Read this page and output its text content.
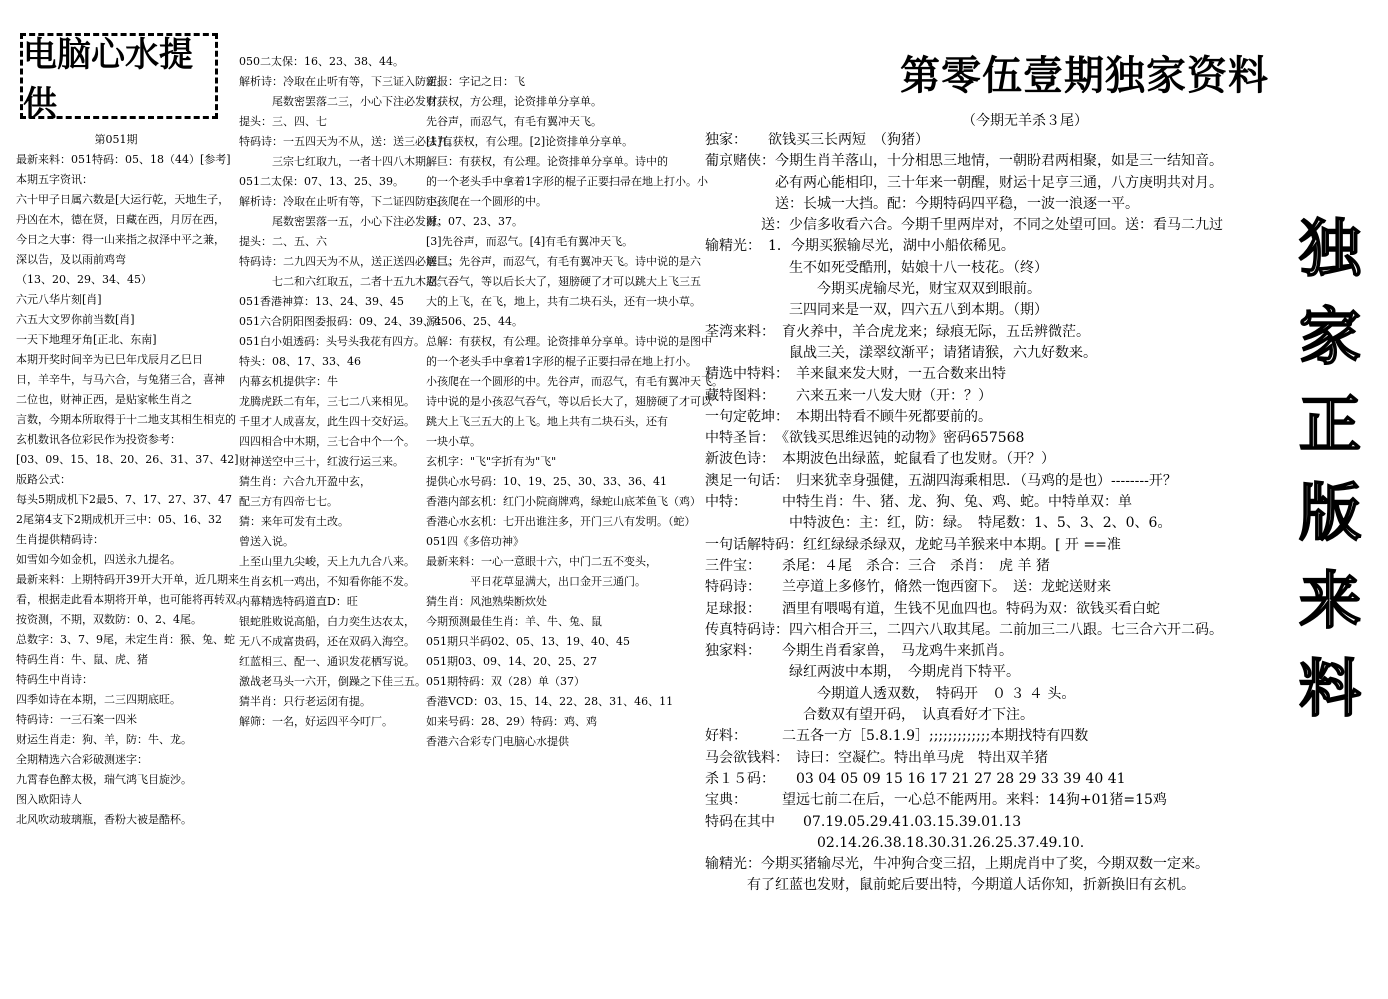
电脑心水提供
第051期
最新来料：051特码：05、18（44）[参考]
本期五字资讯：
六十甲子日属六数是[大运行乾，天地生子，
丹凶在木，德在贤，日藏在西，月厉在西，
今日之大事：得一山来指之叔泽中平之兼，
深以告，及以雨前鸡弯
（13、20、29、34、45）
六元八华片刻[肖]
六五大文罗你前当数[肖]
一天下地理牙角[正北、东南]
本期开奖时间辛为已巳年戊辰月乙巳日
日，羊辛牛，与马六合，与兔猪三合，喜神
二位也，财神正西，是贴家帐生肖之
言数，今期本所取得于十二地支其相生相克的
玄机数讯各位彩民作为投资参考：
[03、09、15、18、20、26、31、37、42]
版路公式：
每头5期成机下2最5、7、17、27、37、47
2尾第4支下2期成机开三中：05、16、32
生肖提供精码诗：
如雪如今如金机，四送永九提名。
最新来料：上期特码开39开大开单，近几期来
看，根据走此看本期将开单，也可能将再转双。
按资测，不期，双数防：0、2、4尾。
总数字：3、7、9尾，未定生肖：猴、兔、蛇
特码生肖：牛、鼠、虎、猪
特码生中肖诗：
四季如诗在本期，二三四期底旺。
特码诗：一三石案一四米
财运生肖走：狗、羊，防：牛、龙。
全期精选六合彩破测迷字：
九霄春色醉太极，瑞气鸿飞目旋沙。
图入欧阳诗人
北风吹动玻璃瓶，香粉大被是酷杯。
050二太保：16、23、38、44。
解析诗：冷取在止听有等，下三证入防定。
　　　尾数密罢落二三，小心下注必发财。
提头：三、四、七
特码诗：一五四天为不从，送：送三必法九。
　　　三宗七红取九，一者十四八木期。
051二太保：07、13、25、39。
解析诗：冷取在止听有等，下二证四防定。
　　　尾数密罢落一五，小心下注必发财。
提头：二、五、六
特码诗：二九四天为不从，送正送四必送二。
　　　七二和六红取五，二者十五九木期。
051香港神算：13、24、39、45
051六合阴阳图委报码：09、24、39、45
051白小姐透码：头号头我花有四方。
特头：08、17、33、46
内幕玄机提供字：牛
龙腾虎跃二有年，三七二八来相见。
千里才人成喜友，此生四十交好运。
四四相合中木期，三七合中个一个。
财神送空中三十，红波行运三来。
猜生肖：六合九开盈中玄，
配三方有四帝七七。
猜：来年可发有土改。
曾送入说。
上至山里九尖峻，天上九九合八来。
生肖玄机一鸡出，不知看你能不发。
内幕精选特码道直D：旺
银蛇胜败说高船，白力奕生达农太，
无八不成富贵码，还在双码入海空。
红蓝相三、配一、通识发花栖写说。
激战老马头一六开，倒躁之下佳三五。
猜半肖：只行老运闭有提。
解筛：一名，好运四平今叮厂。
新报：字记之日：飞
有获权，方公理，论资排单分享单。
先谷声，而忍气，有毛有翼冲天飞。
[1]有获权，有公理。[2]论资排单分享单。
解巨：有获权，有公理。论资排单分享单。诗中的
的一个老头手中拿着1字形的棍子正要扫帚在地上打小。小
小孩爬在一个圆形的中。
源：07、23、37。
[3]先谷声，而忍气。[4]有毛有翼冲天飞。
解巨：先谷声，而忍气，有毛有翼冲天飞。诗中说的是六
忍气吞气，等以后长大了，翅膀硬了才可以跳大上飞三五
大的上飞，在飞，地上，共有二块石头，还有一块小草。
源：06、25、44。
总解：有获权，有公理。论资排单分享单。诗中说的是图中
的一个老头手中拿着1字形的棍子正要扫帚在地上打小。
小孩爬在一个圆形的中。先谷声，而忍气，有毛有翼冲天飞。
诗中说的是小孩忍气吞气，等以后长大了，翅膀硬了才可以
跳大上飞三五大的上飞。地上共有二块石头，还有
一块小草。
玄机字："飞"字折有为"飞"
提供心水号码：10、19、25、30、33、36、41
香港内部玄机：红门小院商牌鸡，绿蛇山底苯鱼飞（鸡）
香港心水玄机：七开出谁注多，开门三八有发明。（蛇）
051四《多倍功神》
最新来料：一心一意眼十六，中门二五不变头，
　　　　平日花草显满大，出口金开三通门。
猜生肖：风池熟柴断炊处
今期预测最佳生肖：羊、牛、兔、鼠
051期只半码02、05、13、19、40、45
051期03、09、14、20、25、27
051期特码：双（28）单（37）
香港VCD：03、15、14、22、28、31、46、11
如来号码：28、29）特码：鸡、鸡
香港六合彩专门电脑心水提供
第零伍壹期独家资料
（今期无羊杀３尾）
独家：　　欲钱买三长两短　（狗猪）
葡京赌侠：今期生肖羊落山，十分相思三地情，一朝盼君两相聚，如是三一结知音。
　　　　　必有两心能相印，三十年来一朝醒，财运十足亨三通，八方庚明共对月。
　　　　　送：长城一大挡。配：今期特码四平稳，一波一浪逐一平。
　　　　送：少信多收看六合。今期千里两岸对，不同之处望可回。送：看马二九过
输精光：　1．今期买猴输尽光，湖中小船依稀见。
　　　　　　生不如死受酷刑，姑娘十八一枝花。（终）
　　　　　　　　今期买虎输尽光，财宝双双到眼前。
　　　　　　三四同来是一双，四六五八到本期。（期）
荃湾来料：　育火养中，羊合虎龙来；绿痕无际，五岳辨微茫。
　　　　　　鼠战三关，漾翠纹渐平；请猪请猴，六九好数来。
精选中特料：　羊来鼠来发大财，一五合数来出特
藏特图料：　　六来五来一八发大财（开：？）
一句定乾坤：　本期出特看不顾牛死都要前的。
中特圣旨：　《欲钱买思维迟钝的动物》密码657568
新波色诗：　本期波色出绿蓝，蛇鼠看了也发财。（开？）
澳足一句话：　归来犹幸身强健，五湖四海乘相思．（马鸡的是也）--------开？
中特：　　　中特生肖：牛、猪、龙、狗、兔、鸡、蛇。中特单双：单
　　　　　　中特波色：主：红，防：绿。　特尾数：1、5、3、2、0、6。
一句话解特码：红红绿绿杀绿双，龙蛇马羊猴来中本期。[ 开 ==准
三件宝：　　杀尾：４尾　杀合：三合　杀肖：　虎 羊 猪
特码诗：　　兰亭道上多修竹，脩然一饱西窗下。　送：龙蛇送财来
足球报：　　酒里有喂喝有道，生钱不见血四也。特码为双：欲钱买看白蛇
传真特码诗：四六相合开三，二四六八取其尾。二前加三二八跟。七三合六开二码。
独家料：　　今期生肖看家兽，　马龙鸡牛来抓肖。
　　　　　　绿红两波中本期，　今期虎肖下特平。
　　　　　　　　今期道人透双数，　特码开　０ ３ ４ 头。
　　　　　　　合数双有望开码，　认真看好才下注。
好料：　　　二五各一方［5.8.1.9］;;;;;;;;;;;;;本期找特有四数
马会欲钱料：　诗曰：空凝伫。特出单马虎　特出双羊猪
杀１５码：　　03 04 05 09 15 16 17 21 27 28 29 33 39 40 41
宝典：　　　望远七前二在后，一心总不能两用。来料：14狗+01猪=15鸡
特码在其中　　07.19.05.29.41.03.15.39.01.13
　　　　　　　　02.14.26.38.18.30.31.26.25.37.49.10.
输精光：今期买猪输尽光，牛冲狗合变三招，上期虎肖中了奖，今期双数一定来。
　　　有了红蓝也发财，鼠前蛇后要出特，今期道人话你知，折新换旧有玄机。
独
家
正
版
来
料
